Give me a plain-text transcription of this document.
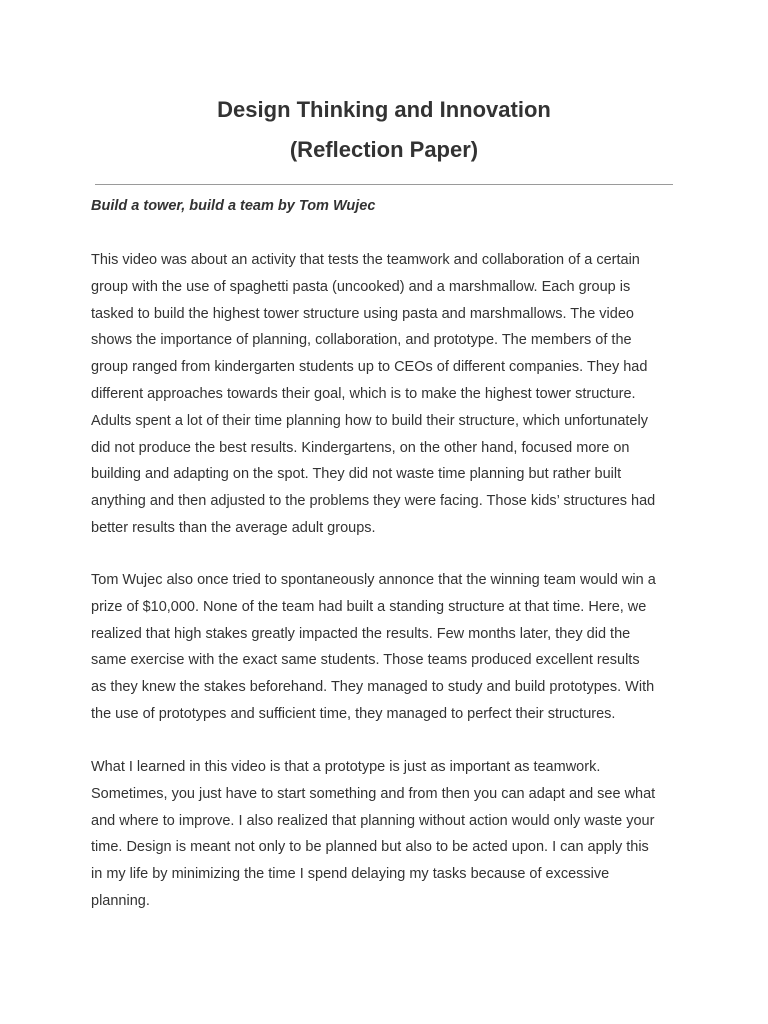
Design Thinking and Innovation
(Reflection Paper)
Build a tower, build a team by Tom Wujec
This video was about an activity that tests the teamwork and collaboration of a certain
group with the use of spaghetti pasta (uncooked) and a marshmallow. Each group is
tasked to build the highest tower structure using pasta and marshmallows. The video
shows the importance of planning, collaboration, and prototype. The members of the
group ranged from kindergarten students up to CEOs of different companies. They had
different approaches towards their goal, which is to make the highest tower structure.
Adults spent a lot of their time planning how to build their structure, which unfortunately
did not produce the best results. Kindergartens, on the other hand, focused more on
building and adapting on the spot. They did not waste time planning but rather built
anything and then adjusted to the problems they were facing. Those kids’ structures had
better results than the average adult groups.
Tom Wujec also once tried to spontaneously annonce that the winning team would win a
prize of $10,000. None of the team had built a standing structure at that time. Here, we
realized that high stakes greatly impacted the results. Few months later, they did the
same exercise with the exact same students. Those teams produced excellent results
as they knew the stakes beforehand. They managed to study and build prototypes. With
the use of prototypes and sufficient time, they managed to perfect their structures.
What I learned in this video is that a prototype is just as important as teamwork.
Sometimes, you just have to start something and from then you can adapt and see what
and where to improve. I also realized that planning without action would only waste your
time. Design is meant not only to be planned but also to be acted upon. I can apply this
in my life by minimizing the time I spend delaying my tasks because of excessive
planning.
